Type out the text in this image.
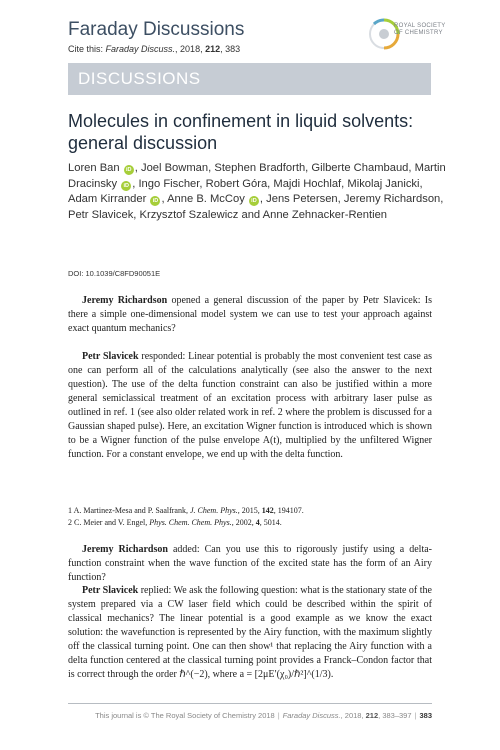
Faraday Discussions
Cite this: Faraday Discuss., 2018, 212, 383
ROYAL SOCIETY
OF CHEMISTRY
DISCUSSIONS
Molecules in confinement in liquid solvents: general discussion
Loren Ban iD , Joel Bowman, Stephen Bradforth, Gilberte Chambaud, Martin Dracinsky iD , Ingo Fischer, Robert Góra, Majdi Hochlaf, Mikolaj Janicki, Adam Kirrander iD , Anne B. McCoy iD , Jens Petersen, Jeremy Richardson, Petr Slavicek, Krzysztof Szalewicz and Anne Zehnacker-Rentien
DOI: 10.1039/C8FD90051E

Jeremy Richardson opened a general discussion of the paper by Petr Slavicek: Is there a simple one-dimensional model system we can use to test your approach against exact quantum mechanics?

Petr Slavicek responded: Linear potential is probably the most convenient test case as one can perform all of the calculations analytically (see also the answer to the next question). The use of the delta function constraint can also be justified within a more general semiclassical treatment of an excitation process with arbitrary laser pulse as outlined in ref. 1 (see also older related work in ref. 2 where the problem is discussed for a Gaussian shaped pulse). Here, an excitation Wigner function is introduced which is shown to be a Wigner function of the pulse envelope A(t), multiplied by the unfiltered Wigner function. For a constant envelope, we end up with the delta function.

1 A. Martinez-Mesa and P. Saalfrank, J. Chem. Phys., 2015, 142, 194107.
2 C. Meier and V. Engel, Phys. Chem. Chem. Phys., 2002, 4, 5014.

Jeremy Richardson added: Can you use this to rigorously justify using a delta-function constraint when the wave function of the excited state has the form of an Airy function?

Petr Slavicek replied: We ask the following question: what is the stationary state of the system prepared via a CW laser field which could be described within the spirit of classical mechanics? The linear potential is a good example as we know the exact solution: the wavefunction is represented by the Airy function, with the maximum slightly off the classical turning point. One can then show¹ that replacing the Airy function with a delta function centered at the classical turning point provides a Franck–Condon factor that is correct through the order ℏ^(−2), where a = [2μE′(χ₀)/ℏ²]^(1/3).

This journal is © The Royal Society of Chemistry 2018 | Faraday Discuss., 2018, 212, 383–397 | 383
